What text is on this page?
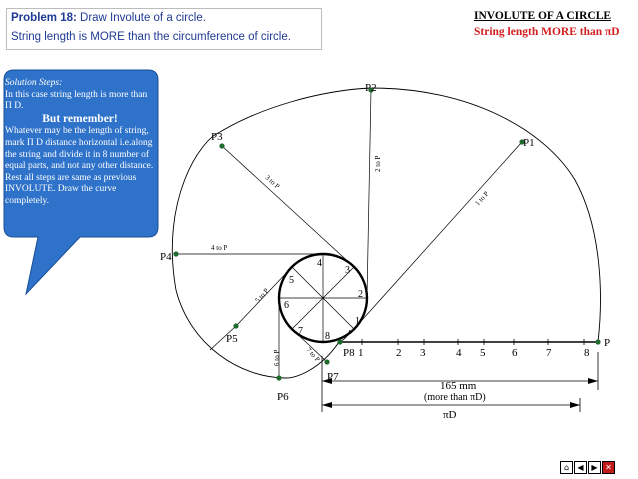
Problem 18: Draw Involute of a circle.
String length is MORE than the circumference of circle.
INVOLUTE OF A CIRCLE
String length MORE than πD
Solution Steps:
In this case string length is more than Π D.
But remember!
Whatever may be the length of string, mark Π D distance horizontal i.e.along the string and divide it in 8 number of equal parts, and not any other distance. Rest all steps are same as previous INVOLUTE. Draw the curve completely.
P1
P2
P3
P4
P5
P6
P7
P8
P
1
2
3
4
5
6
7 8
1	2 3	4 5 6	7	8
1 to P
2 to P
3 to P
4 to P
5 to P
6 to P	7 to P
165 mm
(more than πD)
πD
⌂	◀ ▶ ✕
